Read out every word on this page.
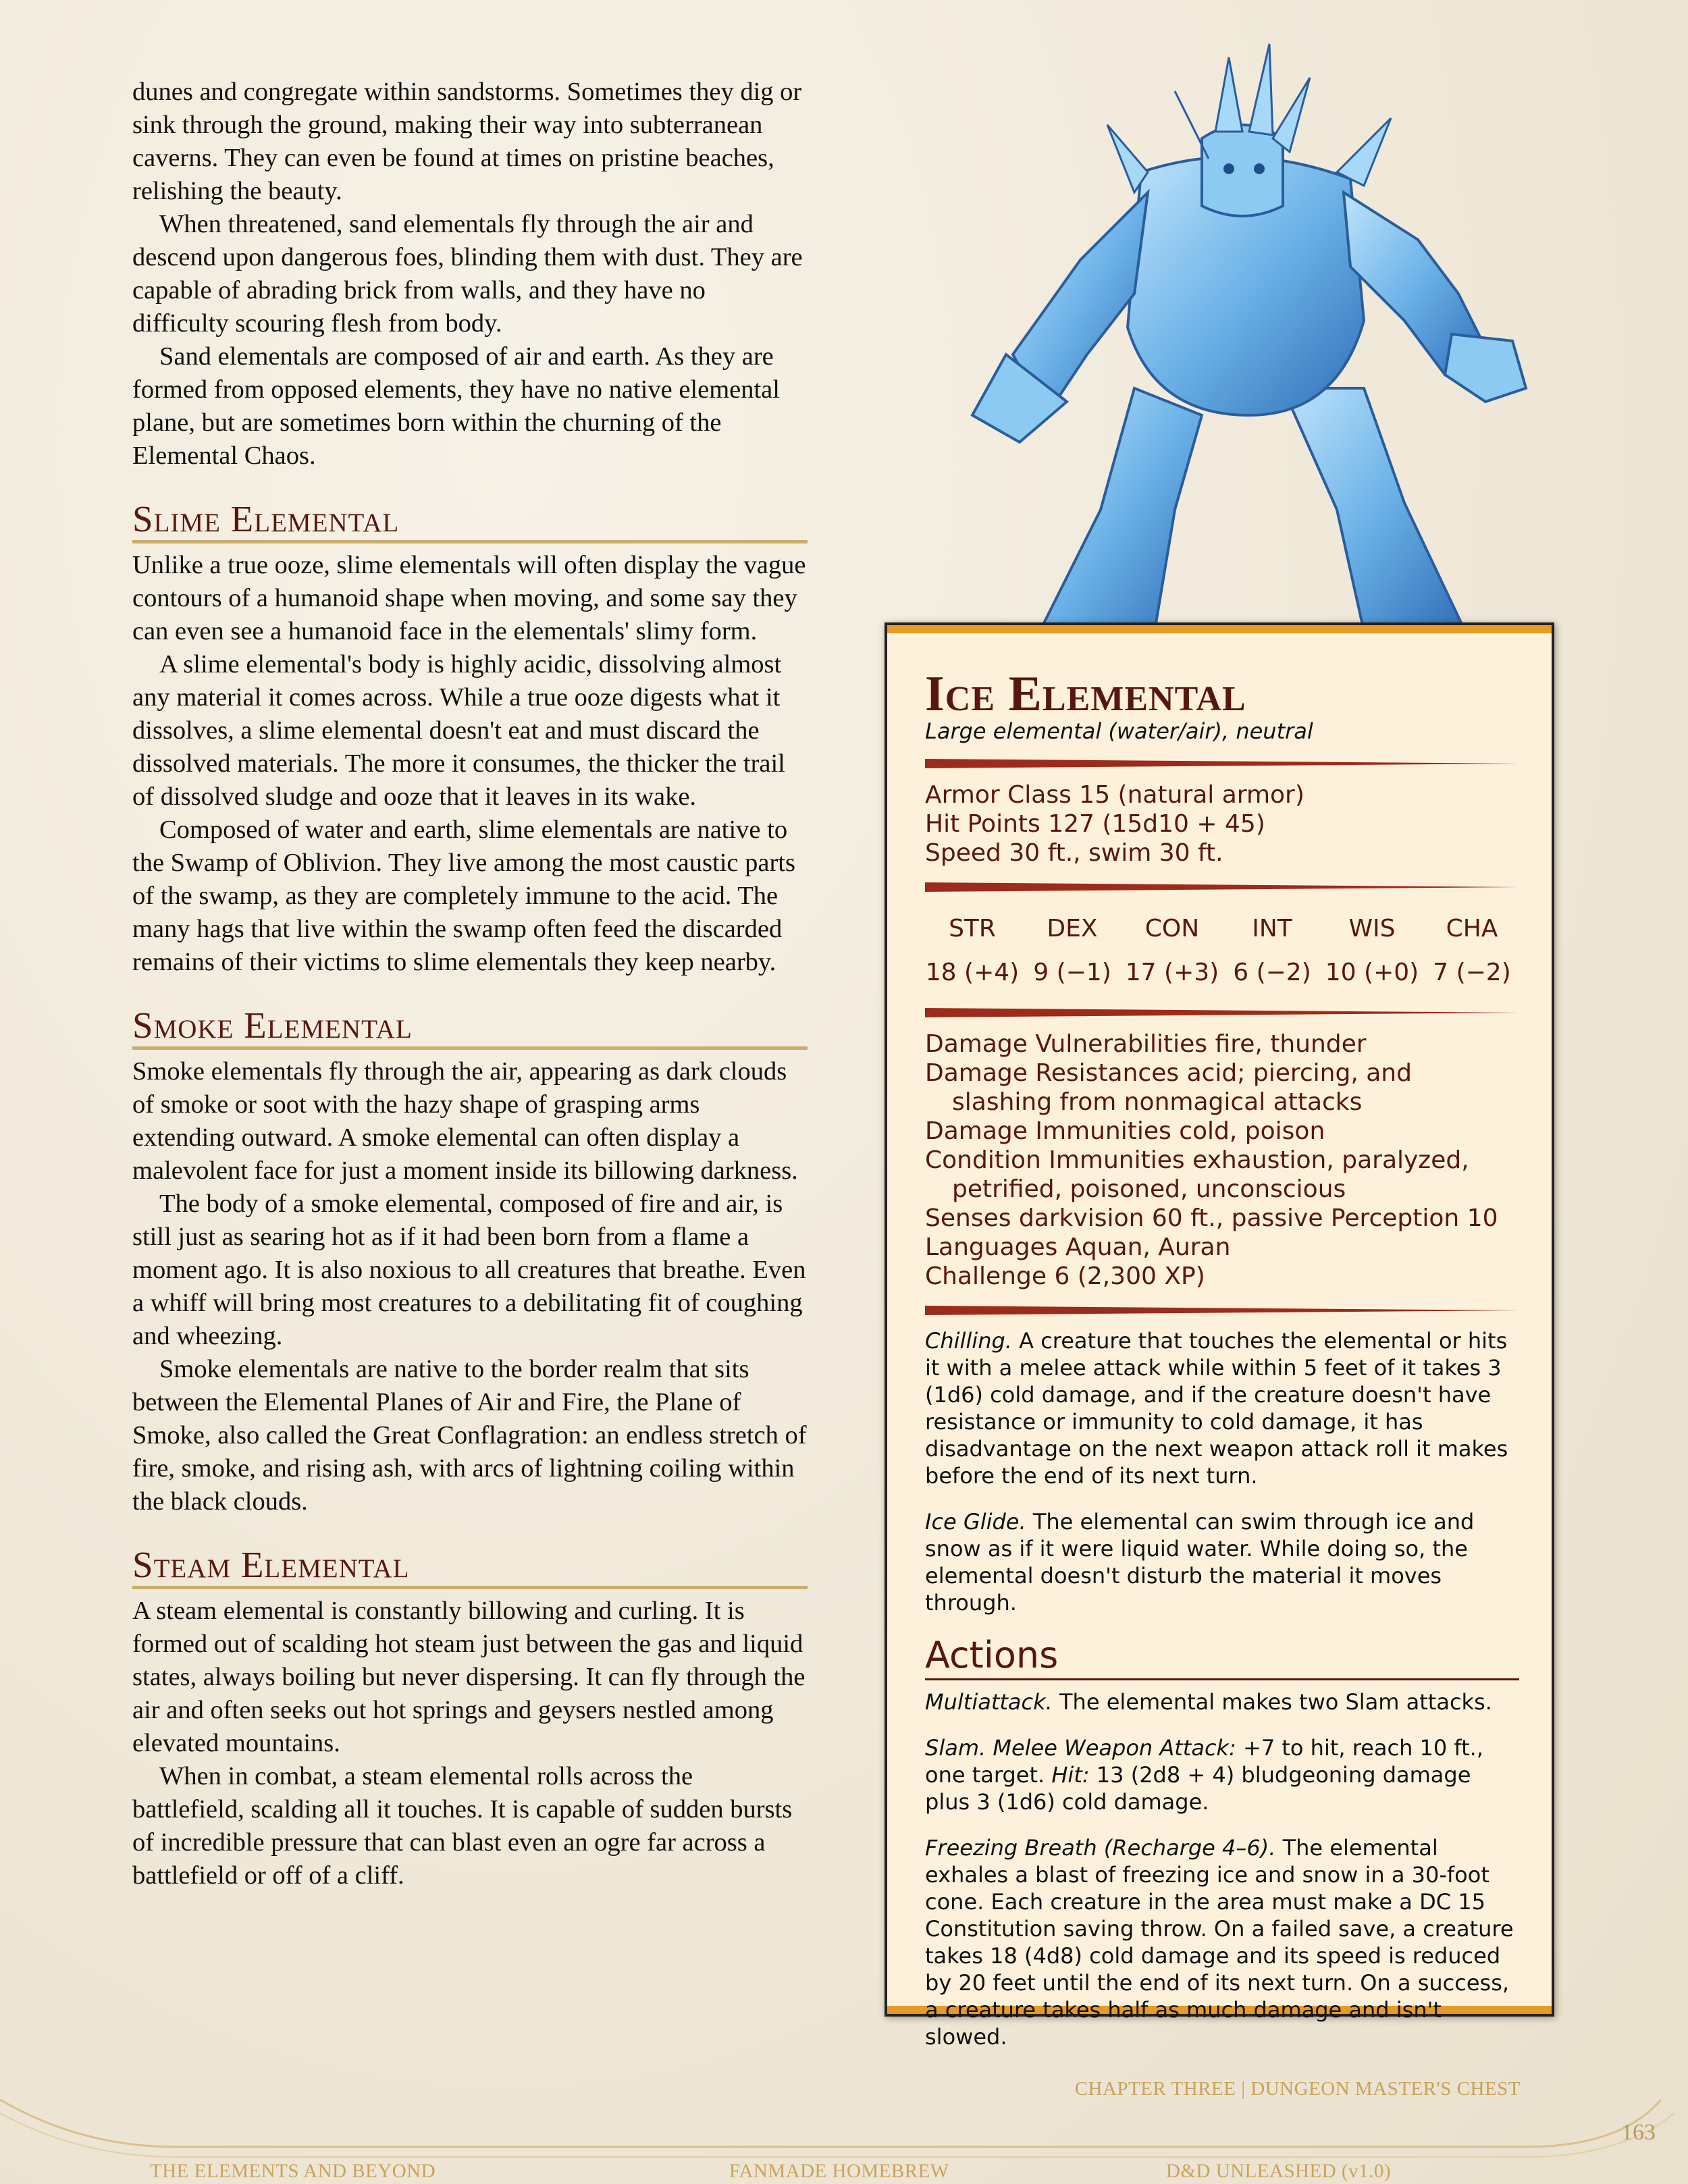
dunes and congregate within sandstorms. Sometimes they dig or sink through the ground, making their way into subterranean caverns. They can even be found at times on pristine beaches, relishing the beauty.

When threatened, sand elementals fly through the air and descend upon dangerous foes, blinding them with dust. They are capable of abrading brick from walls, and they have no difficulty scouring flesh from body.

Sand elementals are composed of air and earth. As they are formed from opposed elements, they have no native elemental plane, but are sometimes born within the churning of the Elemental Chaos.

Slime Elemental

Unlike a true ooze, slime elementals will often display the vague contours of a humanoid shape when moving, and some say they can even see a humanoid face in the elementals' slimy form.

A slime elemental's body is highly acidic, dissolving almost any material it comes across. While a true ooze digests what it dissolves, a slime elemental doesn't eat and must discard the dissolved materials. The more it consumes, the thicker the trail of dissolved sludge and ooze that it leaves in its wake.

Composed of water and earth, slime elementals are native to the Swamp of Oblivion. They live among the most caustic parts of the swamp, as they are completely immune to the acid. The many hags that live within the swamp often feed the discarded remains of their victims to slime elementals they keep nearby.

Smoke Elemental

Smoke elementals fly through the air, appearing as dark clouds of smoke or soot with the hazy shape of grasping arms extending outward. A smoke elemental can often display a malevolent face for just a moment inside its billowing darkness.

The body of a smoke elemental, composed of fire and air, is still just as searing hot as if it had been born from a flame a moment ago. It is also noxious to all creatures that breathe. Even a whiff will bring most creatures to a debilitating fit of coughing and wheezing.

Smoke elementals are native to the border realm that sits between the Elemental Planes of Air and Fire, the Plane of Smoke, also called the Great Conflagration: an endless stretch of fire, smoke, and rising ash, with arcs of lightning coiling within the black clouds.

Steam Elemental

A steam elemental is constantly billowing and curling. It is formed out of scalding hot steam just between the gas and liquid states, always boiling but never dispersing. It can fly through the air and often seeks out hot springs and geysers nestled among elevated mountains.

When in combat, a steam elemental rolls across the battlefield, scalding all it touches. It is capable of sudden bursts of incredible pressure that can blast even an ogre far across a battlefield or off of a cliff.

Ice Elemental
Large elemental (water/air), neutral
Armor Class 15 (natural armor)
Hit Points 127 (15d10 + 45)
Speed 30 ft., swim 30 ft.
STR
18 (+4)
DEX
9 (−1)
CON
17 (+3)
INT
6 (−2)
WIS
10 (+0)
CHA
7 (−2)
Damage Vulnerabilities fire, thunder
Damage Resistances acid; piercing, and slashing from nonmagical attacks
Damage Immunities cold, poison
Condition Immunities exhaustion, paralyzed, petrified, poisoned, unconscious
Senses darkvision 60 ft., passive Perception 10
Languages Aquan, Auran
Challenge 6 (2,300 XP)

Chilling. A creature that touches the elemental or hits it with a melee attack while within 5 feet of it takes 3 (1d6) cold damage, and if the creature doesn't have resistance or immunity to cold damage, it has disadvantage on the next weapon attack roll it makes before the end of its next turn.

Ice Glide. The elemental can swim through ice and snow as if it were liquid water. While doing so, the elemental doesn't disturb the material it moves through.

Actions

Multiattack. The elemental makes two Slam attacks.

Slam. Melee Weapon Attack: +7 to hit, reach 10 ft., one target. Hit: 13 (2d8 + 4) bludgeoning damage plus 3 (1d6) cold damage.

Freezing Breath (Recharge 4–6). The elemental exhales a blast of freezing ice and snow in a 30-foot cone. Each creature in the area must make a DC 15 Constitution saving throw. On a failed save, a creature takes 18 (4d8) cold damage and its speed is reduced by 20 feet until the end of its next turn. On a success, a creature takes half as much damage and isn't slowed.

CHAPTER THREE | DUNGEON MASTER'S CHEST
163
THE ELEMENTS AND BEYOND	FANMADE HOMEBREW	D&D UNLEASHED (v1.0)
